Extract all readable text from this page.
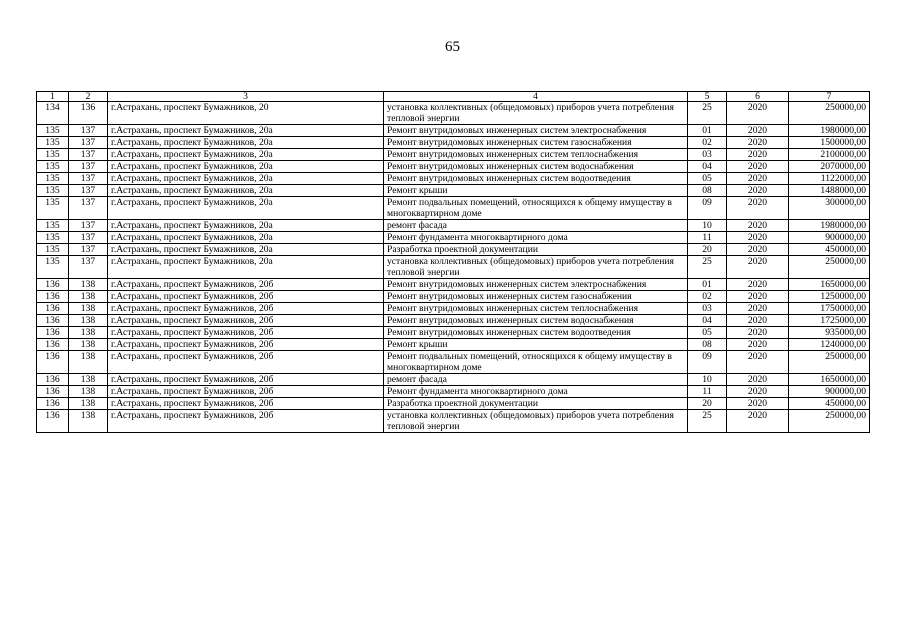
65
1	2	3	4	5	6	7
134	136	г.Астрахань, проспект Бумажников, 20	установка коллективных (общедомовых) приборов учета потребления тепловой энергии	25	2020	250000,00
135	137	г.Астрахань, проспект Бумажников, 20а	Ремонт внутридомовых инженерных систем электроснабжения	01	2020	1980000,00
135	137	г.Астрахань, проспект Бумажников, 20а	Ремонт внутридомовых инженерных систем газоснабжения	02	2020	1500000,00
135	137	г.Астрахань, проспект Бумажников, 20а	Ремонт внутридомовых инженерных систем теплоснабжения	03	2020	2100000,00
135	137	г.Астрахань, проспект Бумажников, 20а	Ремонт внутридомовых инженерных систем водоснабжения	04	2020	2070000,00
135	137	г.Астрахань, проспект Бумажников, 20а	Ремонт внутридомовых инженерных систем водоотведения	05	2020	1122000,00
135	137	г.Астрахань, проспект Бумажников, 20а	Ремонт крыши	08	2020	1488000,00
135	137	г.Астрахань, проспект Бумажников, 20а	Ремонт подвальных помещений, относящихся к общему имуществу в многоквартирном доме	09	2020	300000,00
135	137	г.Астрахань, проспект Бумажников, 20а	ремонт фасада	10	2020	1980000,00
135	137	г.Астрахань, проспект Бумажников, 20а	Ремонт фундамента многоквартирного дома	11	2020	900000,00
135	137	г.Астрахань, проспект Бумажников, 20а	Разработка проектной документации	20	2020	450000,00
135	137	г.Астрахань, проспект Бумажников, 20а	установка коллективных (общедомовых) приборов учета потребления тепловой энергии	25	2020	250000,00
136	138	г.Астрахань, проспект Бумажников, 20б	Ремонт внутридомовых инженерных систем электроснабжения	01	2020	1650000,00
136	138	г.Астрахань, проспект Бумажников, 20б	Ремонт внутридомовых инженерных систем газоснабжения	02	2020	1250000,00
136	138	г.Астрахань, проспект Бумажников, 20б	Ремонт внутридомовых инженерных систем теплоснабжения	03	2020	1750000,00
136	138	г.Астрахань, проспект Бумажников, 20б	Ремонт внутридомовых инженерных систем водоснабжения	04	2020	1725000,00
136	138	г.Астрахань, проспект Бумажников, 20б	Ремонт внутридомовых инженерных систем водоотведения	05	2020	935000,00
136	138	г.Астрахань, проспект Бумажников, 20б	Ремонт крыши	08	2020	1240000,00
136	138	г.Астрахань, проспект Бумажников, 20б	Ремонт подвальных помещений, относящихся к общему имуществу в многоквартирном доме	09	2020	250000,00
136	138	г.Астрахань, проспект Бумажников, 20б	ремонт фасада	10	2020	1650000,00
136	138	г.Астрахань, проспект Бумажников, 20б	Ремонт фундамента многоквартирного дома	11	2020	900000,00
136	138	г.Астрахань, проспект Бумажников, 20б	Разработка проектной документации	20	2020	450000,00
136	138	г.Астрахань, проспект Бумажников, 20б	установка коллективных (общедомовых) приборов учета потребления тепловой энергии	25	2020	250000,00
